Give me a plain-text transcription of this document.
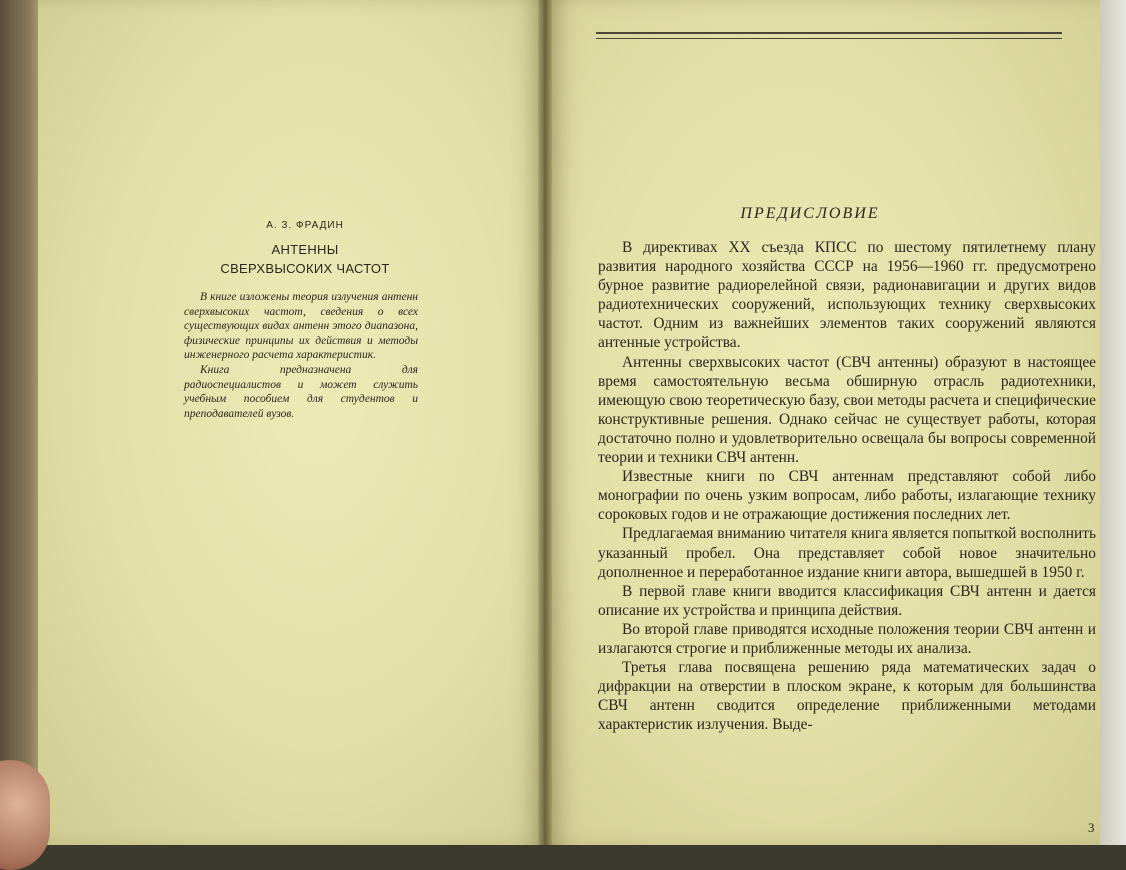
А. З. ФРАДИН
АНТЕННЫ
СВЕРХВЫСОКИХ ЧАСТОТ

В книге изложены теория излучения антенн сверхвысоких частот, сведения о всех существующих видах антенн этого диапазона, физические принципы их действия и методы инженерного расчета характеристик.

Книга предназначена для радиоспециалистов и может служить учебным пособием для студентов и преподавателей вузов.

ПРЕДИСЛОВИЕ

В директивах XX съезда КПСС по шестому пятилетнему плану развития народного хозяйства СССР на 1956—1960 гг. предусмотрено бурное развитие радиорелейной связи, радионавигации и других видов радиотехнических сооружений, использующих технику сверхвысоких частот. Одним из важнейших элементов таких сооружений являются антенные устройства.

Антенны сверхвысоких частот (СВЧ антенны) образуют в настоящее время самостоятельную весьма обширную отрасль радиотехники, имеющую свою теоретическую базу, свои методы расчета и специфические конструктивные решения. Однако сейчас не существует работы, которая достаточно полно и удовлетворительно освещала бы вопросы современной теории и техники СВЧ антенн.

Известные книги по СВЧ антеннам представляют собой либо монографии по очень узким вопросам, либо работы, излагающие технику сороковых годов и не отражающие достижения последних лет.

Предлагаемая вниманию читателя книга является попыткой восполнить указанный пробел. Она представляет собой новое значительно дополненное и переработанное издание книги автора, вышедшей в 1950 г.

В первой главе книги вводится классификация СВЧ антенн и дается описание их устройства и принципа действия.

Во второй главе приводятся исходные положения теории СВЧ антенн и излагаются строгие и приближенные методы их анализа.

Третья глава посвящена решению ряда математических задач о дифракции на отверстии в плоском экране, к которым для большинства СВЧ антенн сводится определение приближенными методами характеристик излучения. Выде-

3
